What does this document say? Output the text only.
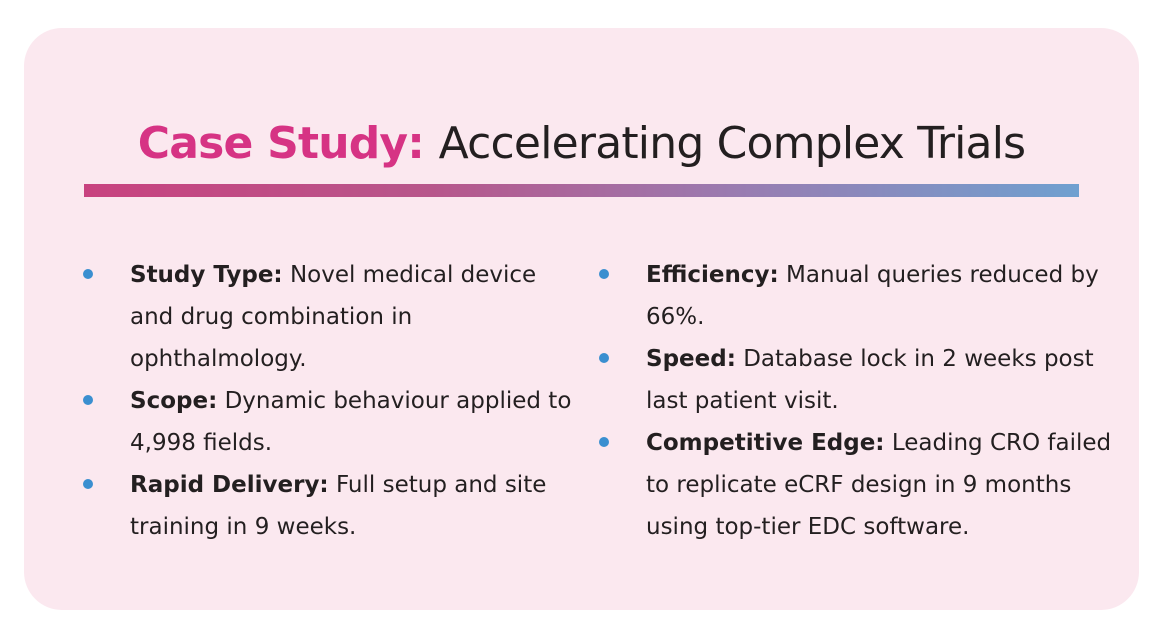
Case Study: Accelerating Complex Trials
Study Type: Novel medical device and drug combination in ophthalmology.
Scope: Dynamic behaviour applied to 4,998 fields.
Rapid Delivery: Full setup and site training in 9 weeks.
Efficiency: Manual queries reduced by 66%.
Speed: Database lock in 2 weeks post last patient visit.
Competitive Edge: Leading CRO failed to replicate eCRF design in 9 months using top-tier EDC software.
